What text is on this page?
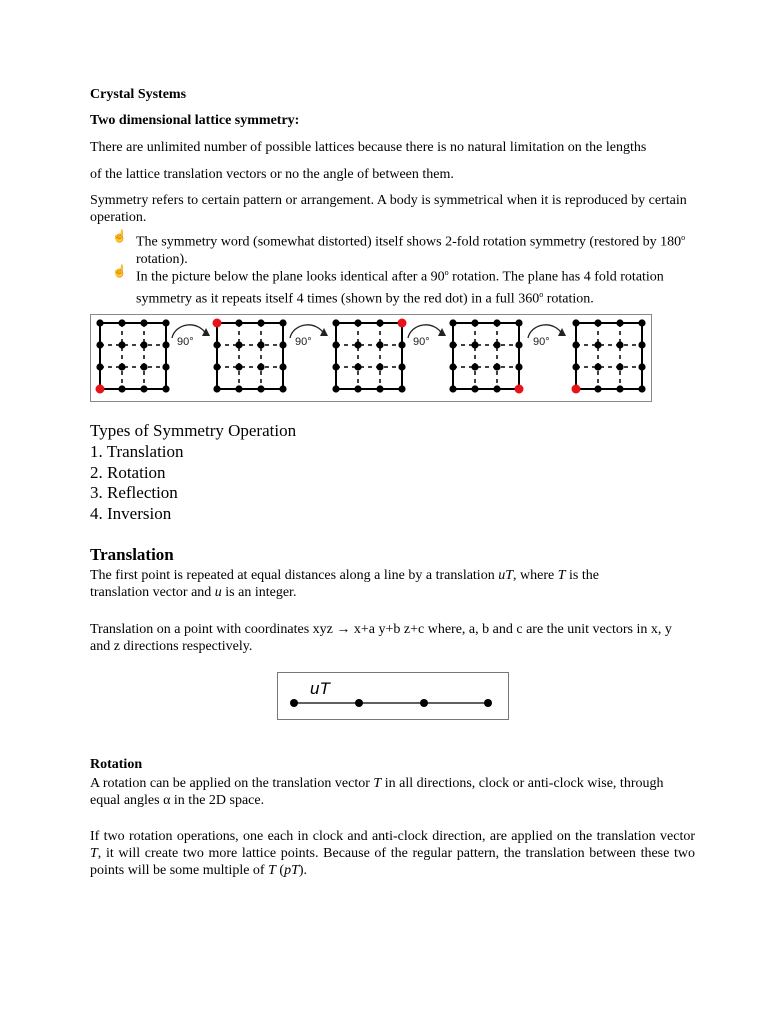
Crystal Systems
Two dimensional lattice symmetry:
There are unlimited number of possible lattices because there is no natural limitation on the lengths
of the lattice translation vectors or no the angle of between them.
Symmetry refers to certain pattern or arrangement. A body is symmetrical when it is reproduced by certain operation.
☝ The symmetry word (somewhat distorted) itself shows 2-fold rotation symmetry (restored by 180$^o$ rotation).
☝ In the picture below the plane looks identical after a 90$^o$ rotation. The plane has 4 fold rotation symmetry as it repeats itself 4 times (shown by the red dot) in a full 360$^o$ rotation.
90°	90°	90°	90°
Types of Symmetry Operation
1. Translation
2. Rotation
3. Reflection
4. Inversion
Translation
The first point is repeated at equal distances along a line by a translation uT, where T is the translation vector and u is an integer.
Translation on a point with coordinates xyz → x+a y+b z+c where, a, b and c are the unit vectors in x, y and z directions respectively.
uT
Rotation
A rotation can be applied on the translation vector T in all directions, clock or anti-clock wise, through equal angles α in the 2D space.
If two rotation operations, one each in clock and anti-clock direction, are applied on the translation vector T, it will create two more lattice points. Because of the regular pattern, the translation between these two points will be some multiple of T (pT).
